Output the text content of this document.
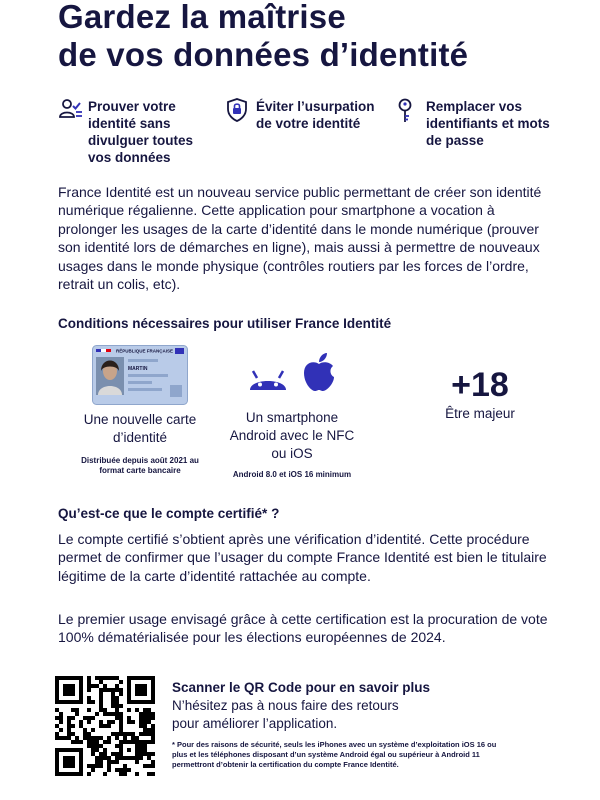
Gardez la maîtrise
de vos données d’identité
Prouver votre identité sans divulguer toutes vos données
Éviter l’usurpation de votre identité
Remplacer vos identifiants et mots de passe

France Identité est un nouveau service public permettant de créer son identité numérique régalienne. Cette application pour smartphone a vocation à prolonger les usages de la carte d’identité dans le monde numérique (prouver son identité lors de démarches en ligne), mais aussi à permettre de nouveaux usages dans le monde physique (contrôles routiers par les forces de l’ordre, retrait un colis, etc).

Conditions nécessaires pour utiliser France Identité
RÉPUBLIQUE FRANÇAISE
MARTIN
Une nouvelle carte d’identité
Distribuée depuis août 2021 au format carte bancaire
Un smartphone Android avec le NFC ou iOS
Android 8.0 et iOS 16 minimum
+18
Être majeur
Qu’est-ce que le compte certifié* ?

Le compte certifié s’obtient après une vérification d’identité. Cette procédure permet de confirmer que l’usager du compte France Identité est bien le titulaire légitime de la carte d’identité rattachée au compte.

Le premier usage envisagé grâce à cette certification est la procuration de vote 100% dématérialisée pour les élections européennes de 2024.

Scanner le QR Code pour en savoir plus

N’hésitez pas à nous faire des retours pour améliorer l’application.

* Pour des raisons de sécurité, seuls les iPhones avec un système d’exploitation iOS 16 ou plus et les téléphones disposant d’un système Android égal ou supérieur à Android 11 permettront d’obtenir la certification du compte France Identité.
